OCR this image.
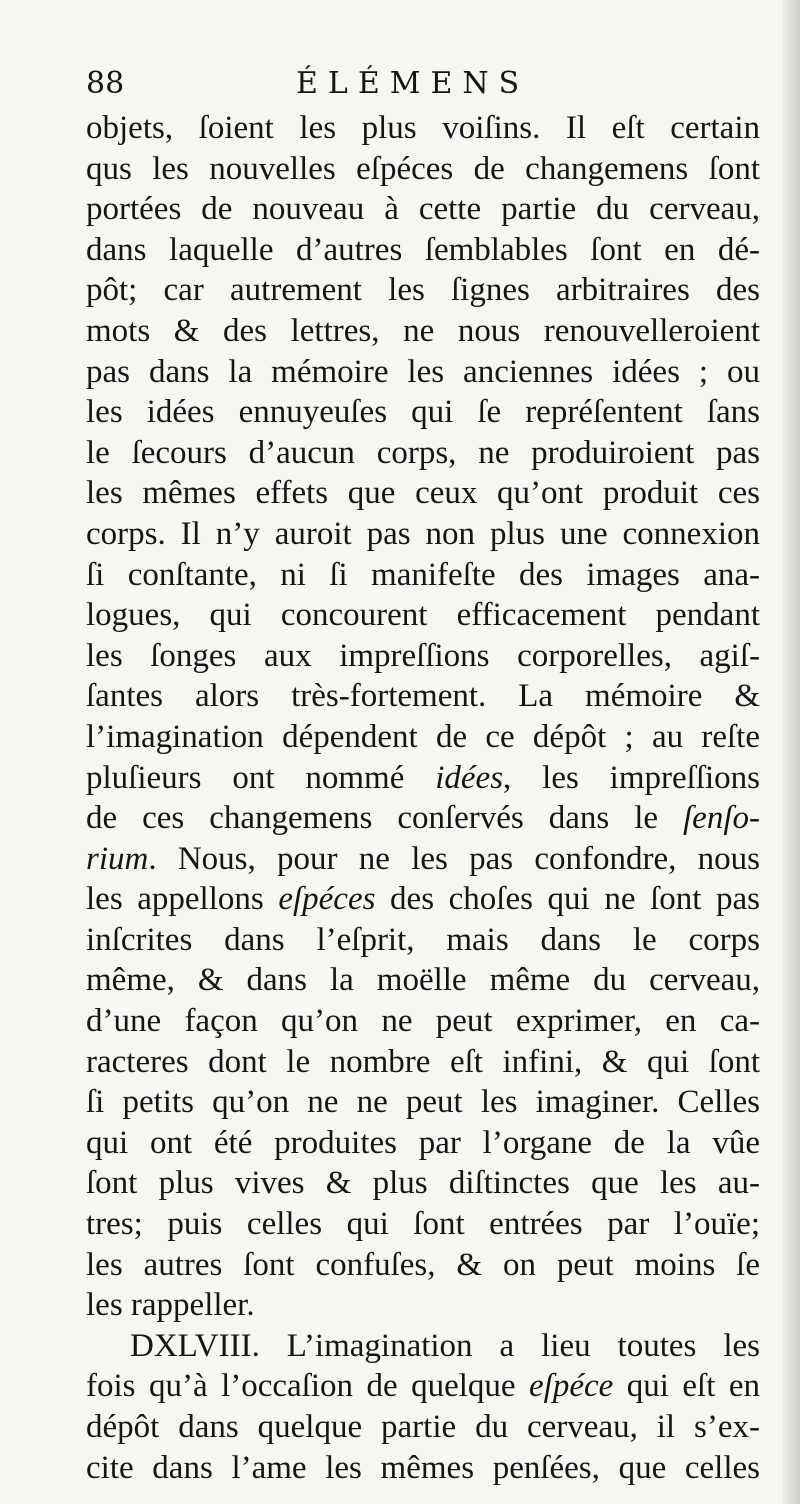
88	ÉLÉMENS
objets, ſoient les plus voiſins. Il eſt certain
qus les nouvelles eſpéces de changemens ſont
portées de nouveau à cette partie du cerveau,
dans laquelle d’autres ſemblables ſont en dé-
pôt; car autrement les ſignes arbitraires des
mots & des lettres, ne nous renouvelleroient
pas dans la mémoire les anciennes idées ; ou
les idées ennuyeuſes qui ſe repréſentent ſans
le ſecours d’aucun corps, ne produiroient pas
les mêmes effets que ceux qu’ont produit ces
corps. Il n’y auroit pas non plus une connexion
ſi conſtante, ni ſi manifeſte des images ana-
logues, qui concourent efficacement pendant
les ſonges aux impreſſions corporelles, agiſ-
ſantes alors très-fortement. La mémoire &
l’imagination dépendent de ce dépôt ; au reſte
pluſieurs ont nommé idées, les impreſſions
de ces changemens conſervés dans le ſenſo-
rium. Nous, pour ne les pas confondre, nous
les appellons eſpéces des choſes qui ne ſont pas
inſcrites dans l’eſprit, mais dans le corps
même, & dans la moëlle même du cerveau,
d’une façon qu’on ne peut exprimer, en ca-
racteres dont le nombre eſt infini, & qui ſont
ſi petits qu’on ne ne peut les imaginer. Celles
qui ont été produites par l’organe de la vûe
ſont plus vives & plus diſtinctes que les au-
tres; puis celles qui ſont entrées par l’ouïe;
les autres ſont confuſes, & on peut moins ſe
les rappeller.
DXLVIII. L’imagination a lieu toutes les
fois qu’à l’occaſion de quelque eſpéce qui eſt en
dépôt dans quelque partie du cerveau, il s’ex-
cite dans l’ame les mêmes penſées, que celles
